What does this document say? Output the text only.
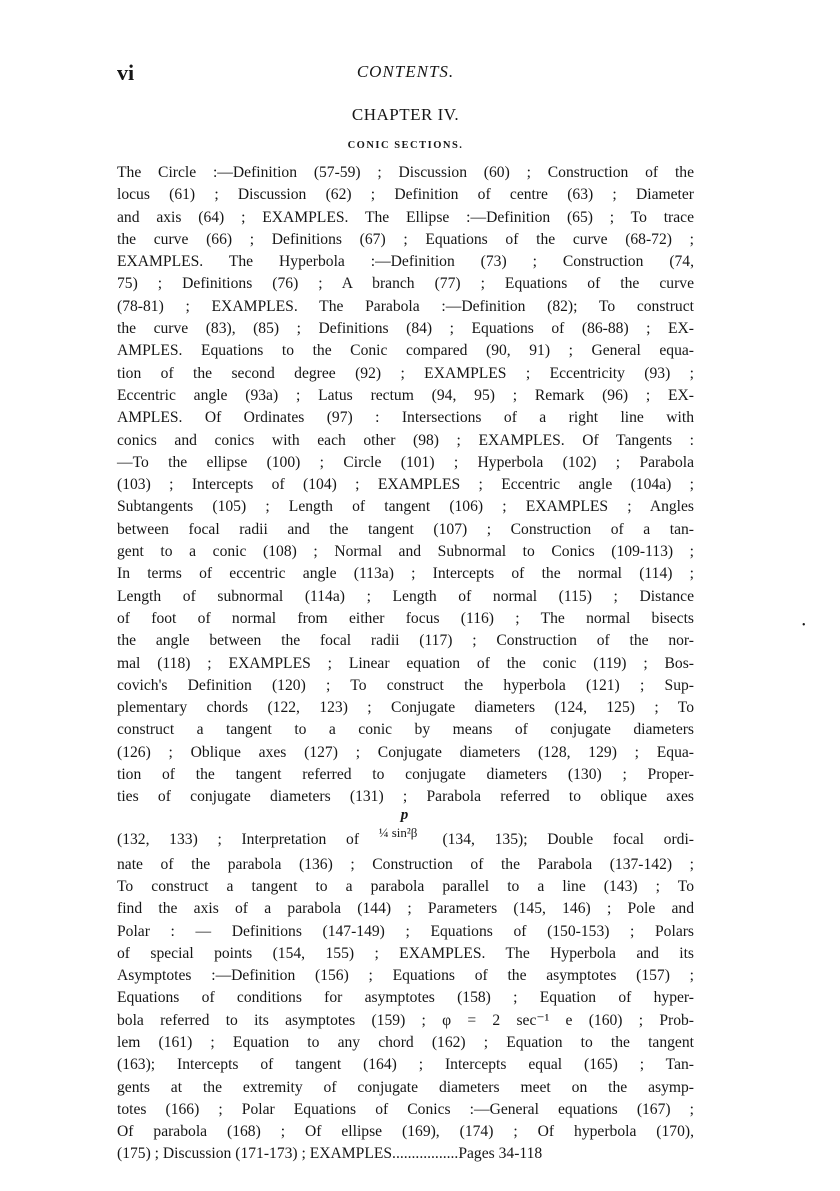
vi	CONTENTS.
CHAPTER IV.
CONIC SECTIONS.
The Circle :—Definition (57-59) ; Discussion (60) ; Construction of the
locus (61) ; Discussion (62) ; Definition of centre (63) ; Diameter
and axis (64) ; EXAMPLES. The Ellipse :—Definition (65) ; To trace
the curve (66) ; Definitions (67) ; Equations of the curve (68-72) ;
EXAMPLES. The Hyperbola :—Definition (73) ; Construction (74,
75) ; Definitions (76) ; A branch (77) ; Equations of the curve
(78-81) ; EXAMPLES. The Parabola :—Definition (82); To construct
the curve (83), (85) ; Definitions (84) ; Equations of (86-88) ; EX-
AMPLES. Equations to the Conic compared (90, 91) ; General equa-
tion of the second degree (92) ; EXAMPLES ; Eccentricity (93) ;
Eccentric angle (93a) ; Latus rectum (94, 95) ; Remark (96) ; EX-
AMPLES. Of Ordinates (97) : Intersections of a right line with
conics and conics with each other (98) ; EXAMPLES. Of Tangents :
—To the ellipse (100) ; Circle (101) ; Hyperbola (102) ; Parabola
(103) ; Intercepts of (104) ; EXAMPLES ; Eccentric angle (104a) ;
Subtangents (105) ; Length of tangent (106) ; EXAMPLES ; Angles
between focal radii and the tangent (107) ; Construction of a tan-
gent to a conic (108) ; Normal and Subnormal to Conics (109-113) ;
In terms of eccentric angle (113a) ; Intercepts of the normal (114) ;
Length of subnormal (114a) ; Length of normal (115) ; Distance
of foot of normal from either focus (116) ; The normal bisects
the angle between the focal radii (117) ; Construction of the nor-
mal (118) ; EXAMPLES ; Linear equation of the conic (119) ; Bos-
covich's Definition (120) ; To construct the hyperbola (121) ; Sup-
plementary chords (122, 123) ; Conjugate diameters (124, 125) ; To
construct a tangent to a conic by means of conjugate diameters
(126) ; Oblique axes (127) ; Conjugate diameters (128, 129) ; Equa-
tion of the tangent referred to conjugate diameters (130) ; Proper-
ties of conjugate diameters (131) ; Parabola referred to oblique axes
(132, 133) ; Interpretation of
p
¼ sin²β (134, 135); Double focal ordi-
nate of the parabola (136) ; Construction of the Parabola (137-142) ;
To construct a tangent to a parabola parallel to a line (143) ; To
find the axis of a parabola (144) ; Parameters (145, 146) ; Pole and
Polar : — Definitions (147-149) ; Equations of (150-153) ; Polars
of special points (154, 155) ; EXAMPLES. The Hyperbola and its
Asymptotes :—Definition (156) ; Equations of the asymptotes (157) ;
Equations of conditions for asymptotes (158) ; Equation of hyper-
bola referred to its asymptotes (159) ; φ = 2 sec⁻¹ e (160) ; Prob-
lem (161) ; Equation to any chord (162) ; Equation to the tangent
(163); Intercepts of tangent (164) ; Intercepts equal (165) ; Tan-
gents at the extremity of conjugate diameters meet on the asymp-
totes (166) ; Polar Equations of Conics :—General equations (167) ;
Of parabola (168) ; Of ellipse (169), (174) ; Of hyperbola (170),
(175) ; Discussion (171-173) ; EXAMPLES.................Pages 34-118
•
